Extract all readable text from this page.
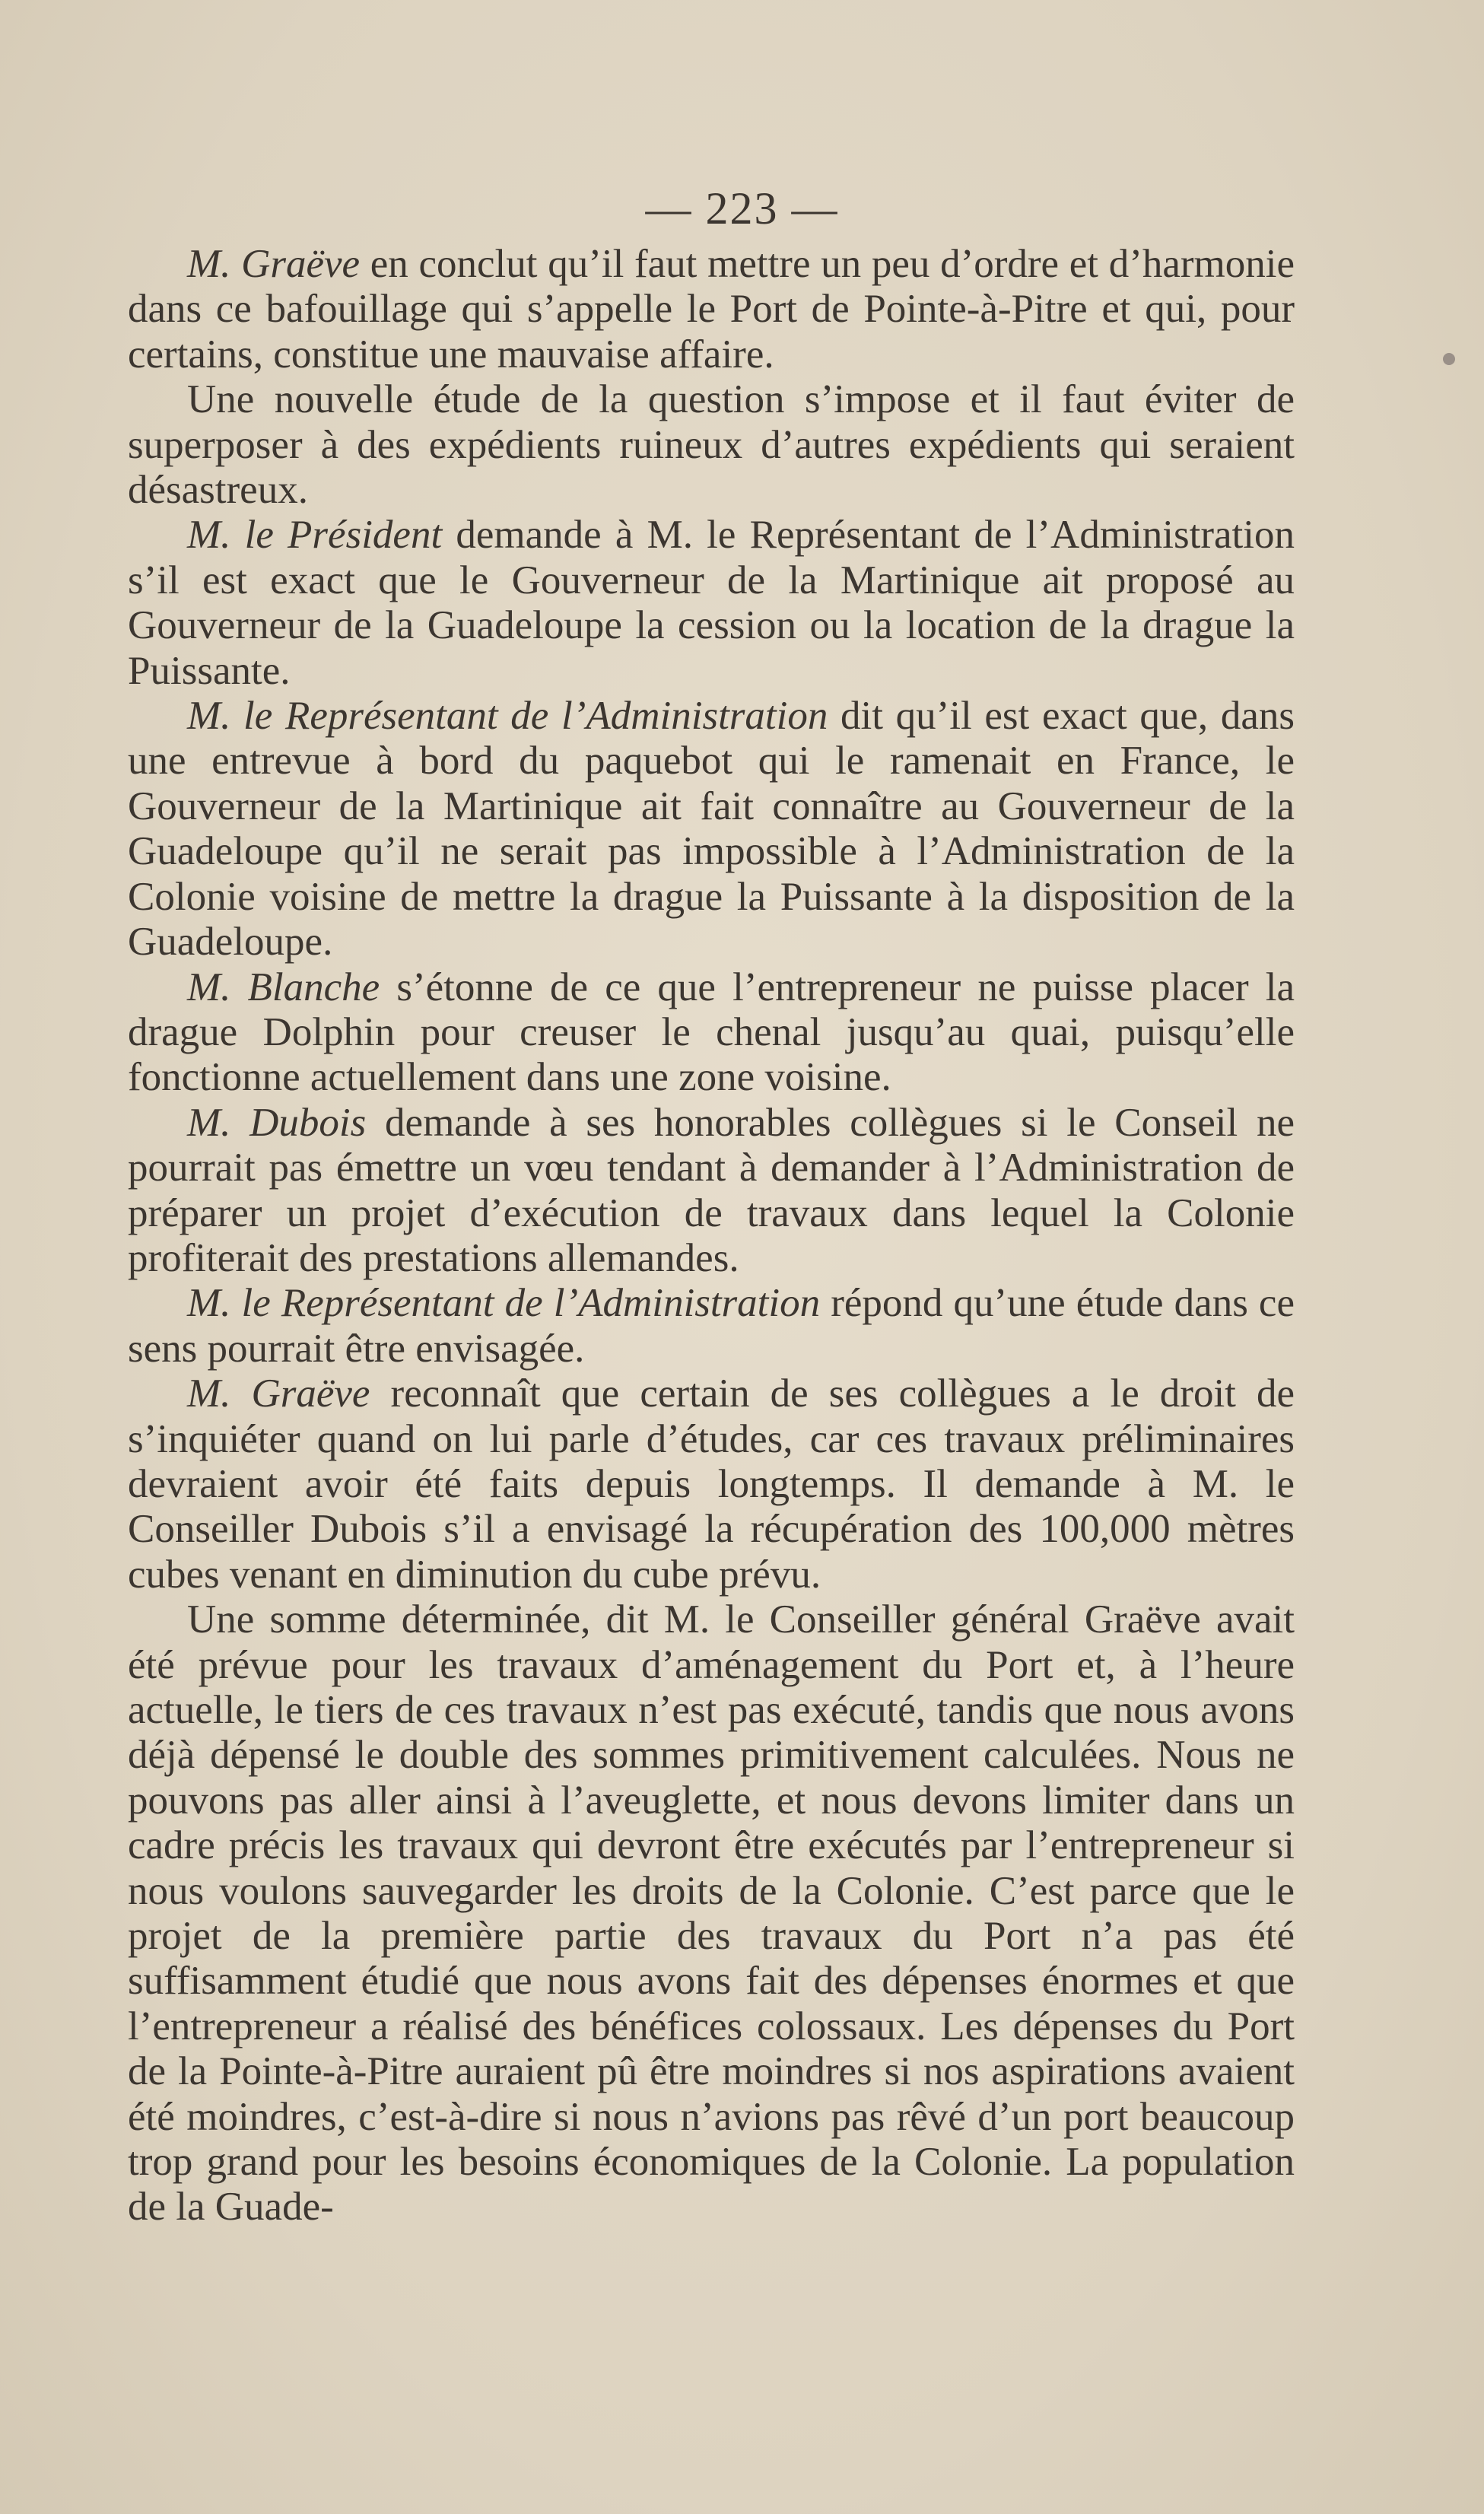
— 223 —

M. Graëve en conclut qu’il faut mettre un peu d’ordre et d’harmonie dans ce bafouillage qui s’appelle le Port de Pointe-à-Pitre et qui, pour certains, constitue une mauvaise affaire.

Une nouvelle étude de la question s’impose et il faut éviter de superposer à des expédients ruineux d’autres expédients qui seraient désastreux.

M. le Président demande à M. le Représentant de l’Administration s’il est exact que le Gouverneur de la Martinique ait proposé au Gouverneur de la Guadeloupe la cession ou la location de la drague la Puissante.

M. le Représentant de l’Administration dit qu’il est exact que, dans une entrevue à bord du paquebot qui le ramenait en France, le Gouverneur de la Martinique ait fait connaître au Gouverneur de la Guadeloupe qu’il ne serait pas impossible à l’Administration de la Colonie voisine de mettre la drague la Puissante à la disposition de la Guadeloupe.

M. Blanche s’étonne de ce que l’entrepreneur ne puisse placer la drague Dolphin pour creuser le chenal jusqu’au quai, puisqu’elle fonctionne actuellement dans une zone voisine.

M. Dubois demande à ses honorables collègues si le Conseil ne pourrait pas émettre un vœu tendant à demander à l’Administration de préparer un projet d’exécution de travaux dans lequel la Colonie profiterait des prestations allemandes.

M. le Représentant de l’Administration répond qu’une étude dans ce sens pourrait être envisagée.

M. Graëve reconnaît que certain de ses collègues a le droit de s’inquiéter quand on lui parle d’études, car ces travaux préliminaires devraient avoir été faits depuis longtemps. Il demande à M. le Conseiller Dubois s’il a envisagé la récupération des 100,000 mètres cubes venant en diminution du cube prévu.

Une somme déterminée, dit M. le Conseiller général Graëve avait été prévue pour les travaux d’aménagement du Port et, à l’heure actuelle, le tiers de ces travaux n’est pas exécuté, tandis que nous avons déjà dépensé le double des sommes primitivement calculées. Nous ne pouvons pas aller ainsi à l’aveuglette, et nous devons limiter dans un cadre précis les travaux qui devront être exécutés par l’entrepreneur si nous voulons sauvegarder les droits de la Colonie. C’est parce que le projet de la première partie des travaux du Port n’a pas été suffisamment étudié que nous avons fait des dépenses énormes et que l’entrepreneur a réalisé des bénéfices colossaux. Les dépenses du Port de la Pointe-à-Pitre auraient pû être moindres si nos aspirations avaient été moindres, c’est-à-dire si nous n’avions pas rêvé d’un port beaucoup trop grand pour les besoins économiques de la Colonie. La population de la Guade-
